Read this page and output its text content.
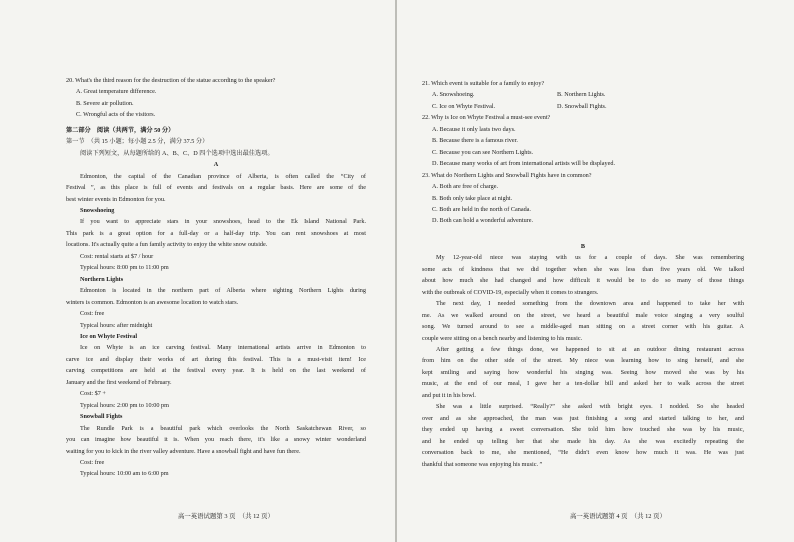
20. What's the third reason for the destruction of the statue according to the speaker?

A. Great temperature difference.

B. Severe air pollution.

C. Wrongful acts of the visitors.

第二部分　阅读（共两节，满分 50 分）

第一节　（共 15 小题；每小题 2.5 分，满分 37.5 分）

阅读下列短文，从每题所给的 A、B、C、D 四个选项中选出最佳选项。

A

Edmonton, the capital of the Canadian province of Alberta, is often called the “City of

Festival ”, as this place is full of events and festivals on a regular basis. Here are some of the

best winter events in Edmonton for you.

Snowshoeing

If you want to appreciate stars in your snowshoes, head to the Ek Island National Park.

This park is a great option for a full-day or a half-day trip. You can rent snowshoes at most

locations. It's actually quite a fun family activity to enjoy the white snow outside.

Cost: rental starts at $7 / hour

Typical hours: 8:00 pm to 11:00 pm

Northern Lights

Edmonton is located in the northern part of Alberta where sighting Northern Lights during

winters is common. Edmonton is an awesome location to watch stars.

Cost: free

Typical hours: after midnight

Ice on Whyte Festival

Ice on Whyte is an ice carving festival. Many international artists arrive in Edmonton to

carve ice and display their works of art during this festival. This is a must-visit item! Ice

carving competitions are held at the festival every year. It is held on the last weekend of

January and the first weekend of February.

Cost: $7 +

Typical hours: 2:00 pm to 10:00 pm

Snowball Fights

The Rundle Park is a beautiful park which overlooks the North Saskatchewan River, so

you can imagine how beautiful it is. When you reach there, it's like a snowy winter wonderland

waiting for you to kick in the river valley adventure. Have a snowball fight and have fun there.

Cost: free

Typical hours: 10:00 am to 6:00 pm

高一英语试题第 3 页　（共 12 页）

21. Which event is suitable for a family to enjoy?

A. Snowshoeing.	B. Northern Lights.

C. Ice on Whyte Festival.	D. Snowball Fights.

22. Why is Ice on Whyte Festival a must-see event?

A. Because it only lasts two days.

B. Because there is a famous river.

C. Because you can see Northern Lights.

D. Because many works of art from international artists will be displayed.

23. What do Northern Lights and Snowball Fights have in common?

A. Both are free of charge.

B. Both only take place at night.

C. Both are held in the north of Canada.

D. Both can hold a wonderful adventure.

B

My 12-year-old niece was staying with us for a couple of days. She was remembering

some acts of kindness that we did together when she was less than five years old. We talked

about how much she had changed and how difficult it would be to do so many of those things

with the outbreak of COVID-19, especially when it comes to strangers.

The next day, I needed something from the downtown area and happened to take her with

me. As we walked around on the street, we heard a beautiful male voice singing a very soulful

song. We turned around to see a middle-aged man sitting on a street corner with his guitar. A

couple were sitting on a bench nearby and listening to his music.

After getting a few things done, we happened to sit at an outdoor dining restaurant across

from him on the other side of the street. My niece was learning how to sing herself, and she

kept smiling and saying how wonderful his singing was. Seeing how moved she was by his

music, at the end of our meal, I gave her a ten-dollar bill and asked her to walk across the street

and put it in his bowl.

She was a little surprised. “Really?” she asked with bright eyes. I nodded. So she headed

over and as she approached, the man was just finishing a song and started talking to her, and

they ended up having a sweet conversation. She told him how touched she was by his music,

and he ended up telling her that she made his day. As she was excitedly repeating the

conversation back to me, she mentioned, “He didn't even know how much it was. He was just

thankful that someone was enjoying his music. ”

高一英语试题第 4 页　（共 12 页）
